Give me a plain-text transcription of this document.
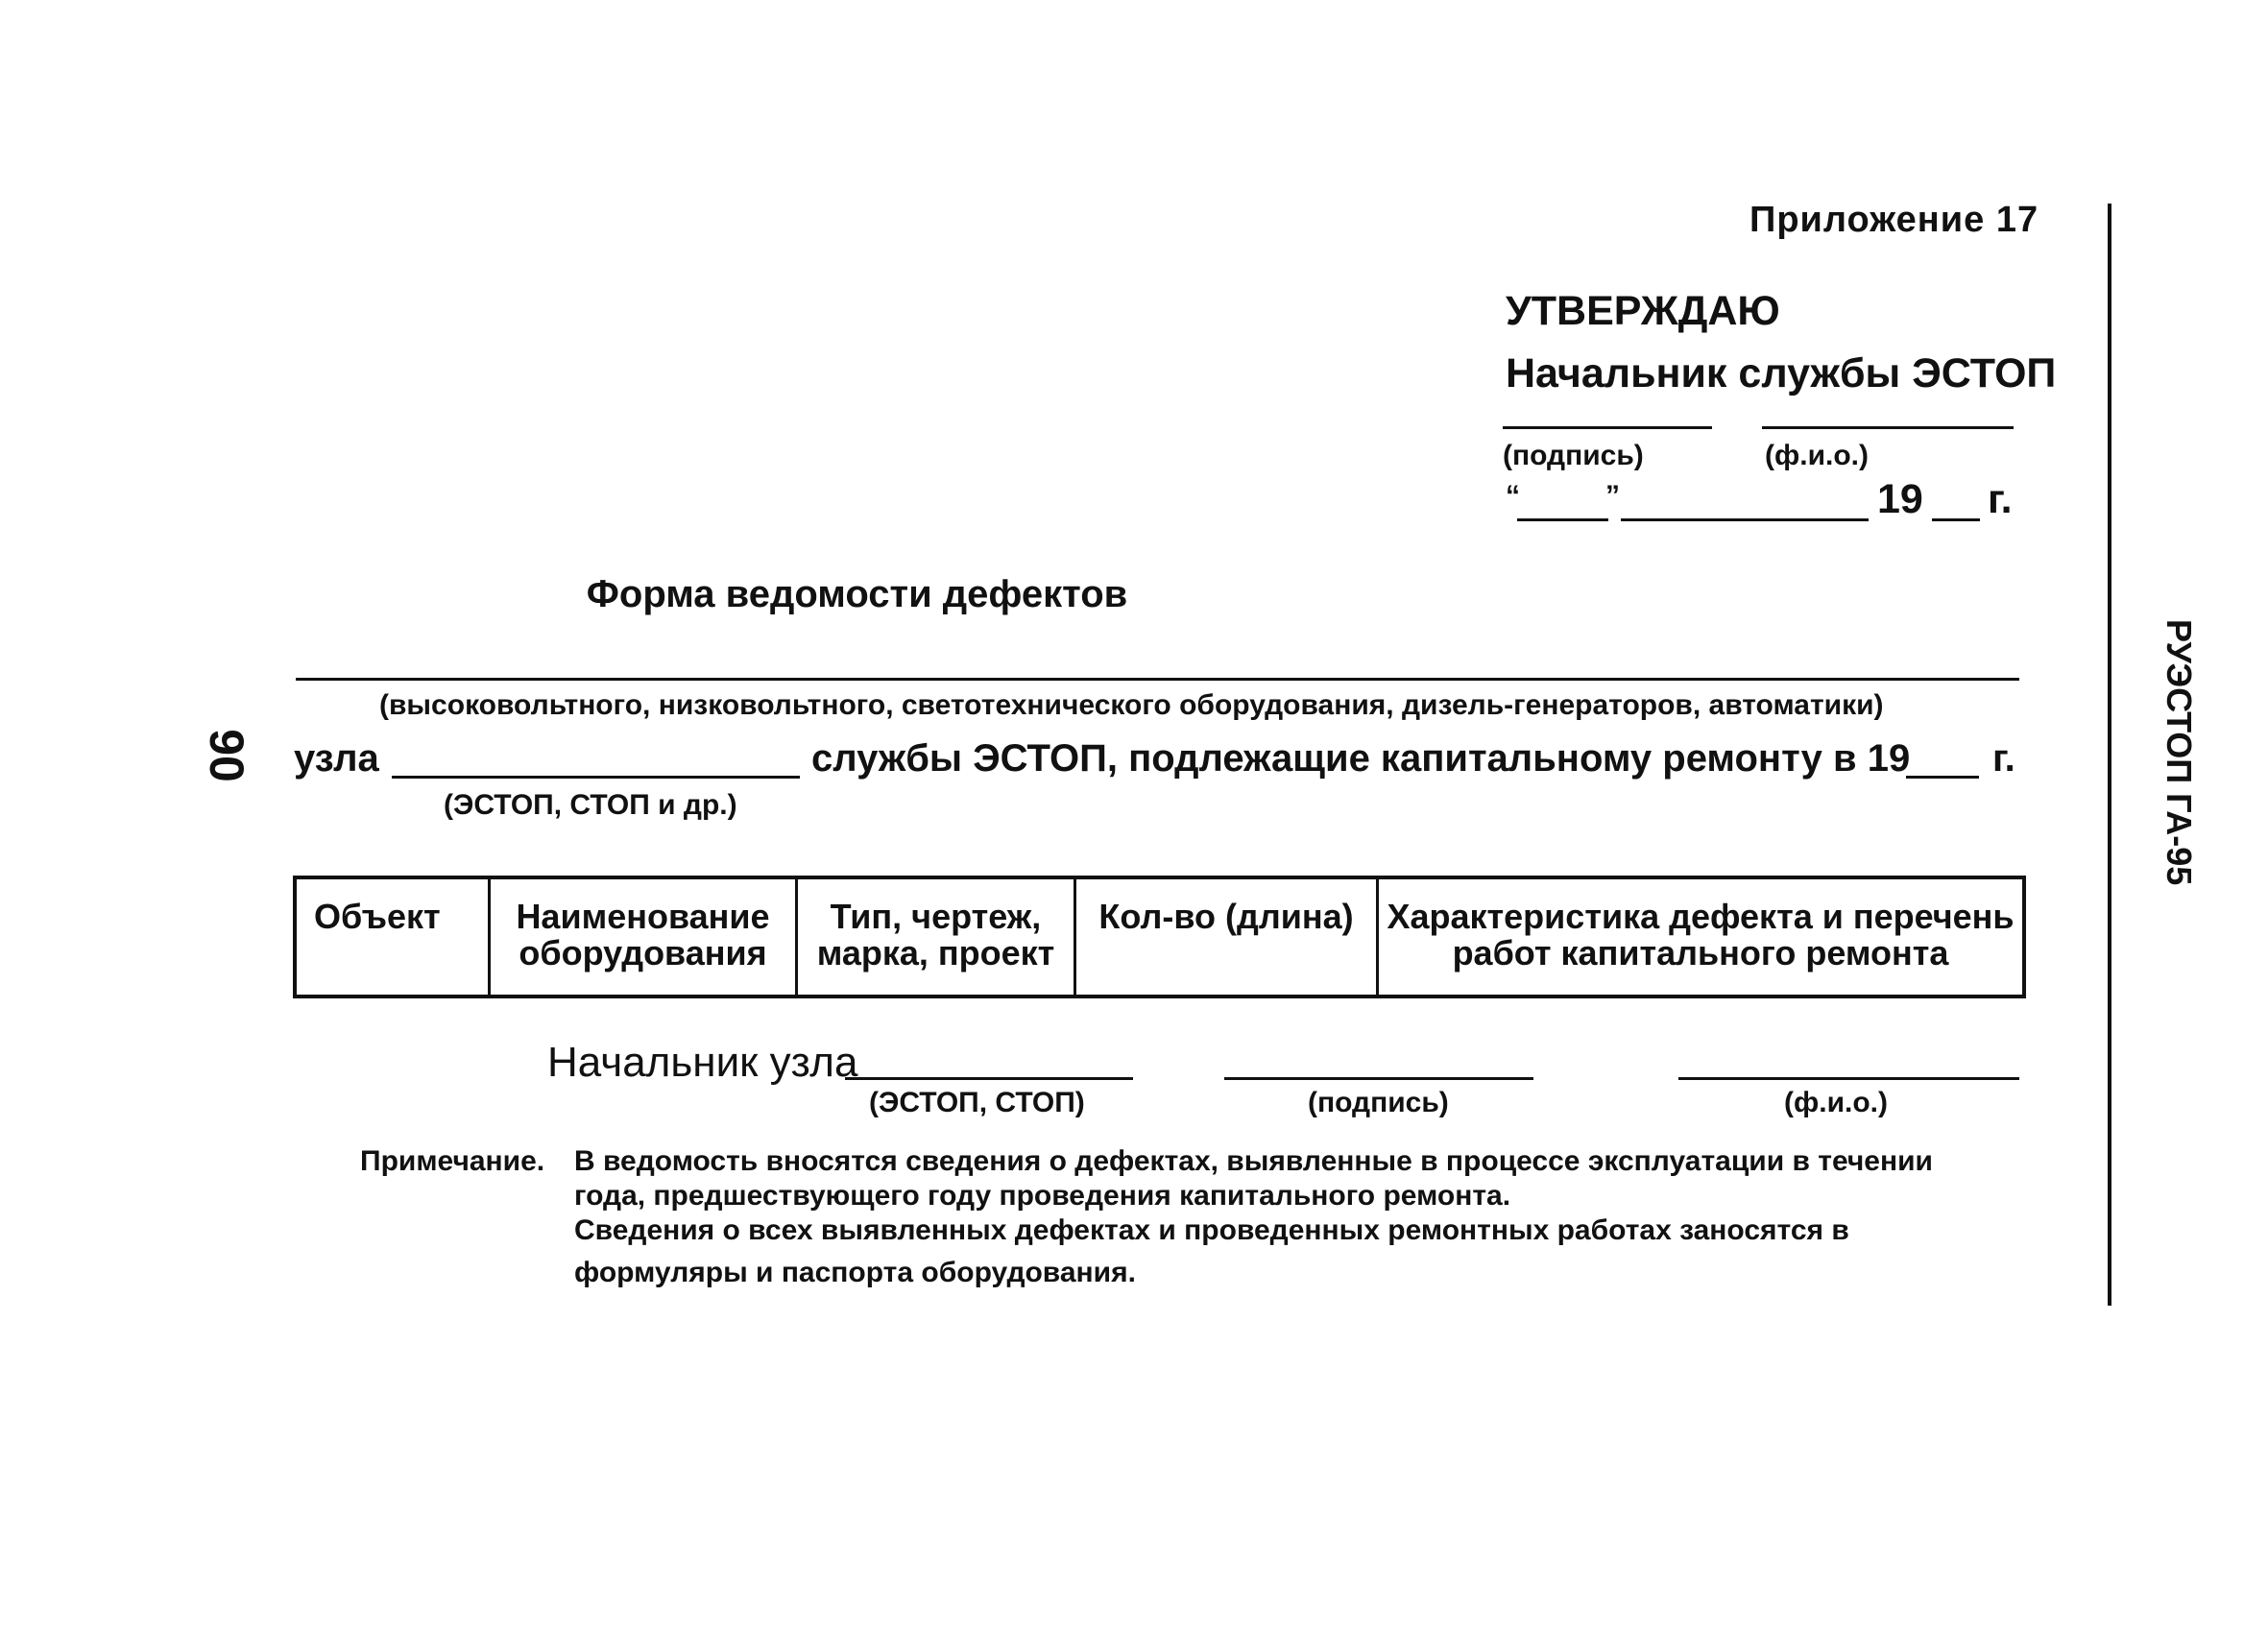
Приложение 17
УТВЕРЖДАЮ
Начальник службы ЭСТОП
(подпись)	(ф.и.о.)
“	”	19 г.
Форма ведомости дефектов
(высоковольтного, низковольтного, светотехнического оборудования, дизель-генераторов, автоматики)
узла	службы ЭСТОП, подлежащие капитальному ремонту в 19 г.
(ЭСТОП, СТОП и др.)
Объект	Наименование оборудования	Тип, чертеж, марка, проект	Кол-во (длина)	Характеристика дефекта и перечень работ капитального ремонта
Начальник узла
(ЭСТОП, СТОП)	(подпись)	(ф.и.о.)
Примечание. В ведомость вносятся сведения о дефектах, выявленные в процессе эксплуатации в течении
года, предшествующего году проведения капитального ремонта.
Сведения о всех выявленных дефектах и проведенных ремонтных работах заносятся в
формуляры и паспорта оборудования.
РУЭСТОП ГА-95
90
